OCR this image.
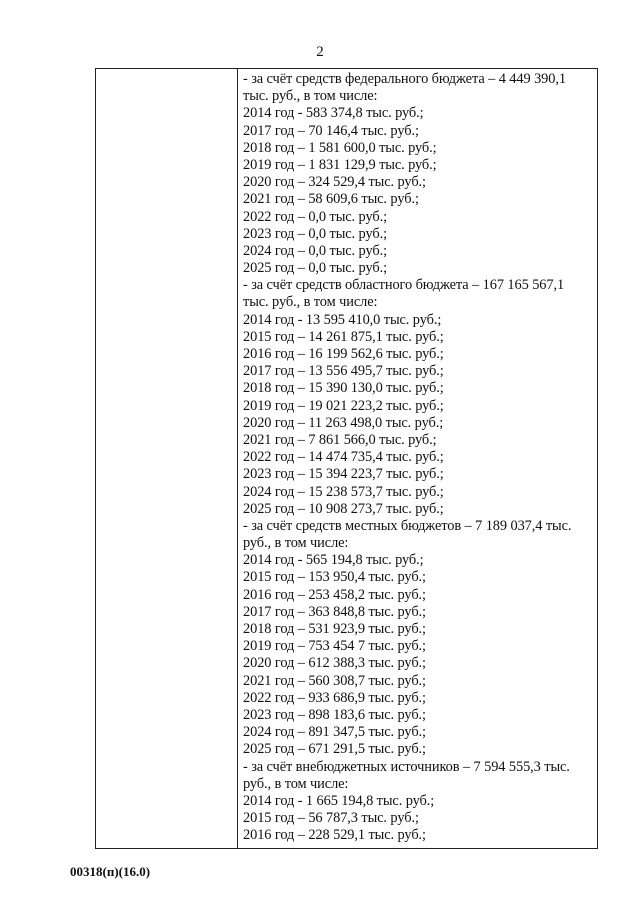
2
- за счёт средств федерального бюджета – 4 449 390,1
тыс. руб., в том числе:
2014 год - 583 374,8 тыс. руб.;
2017 год – 70 146,4 тыс. руб.;
2018 год – 1 581 600,0 тыс. руб.;
2019 год – 1 831 129,9 тыс. руб.;
2020 год – 324 529,4 тыс. руб.;
2021 год – 58 609,6 тыс. руб.;
2022 год – 0,0 тыс. руб.;
2023 год – 0,0 тыс. руб.;
2024 год – 0,0 тыс. руб.;
2025 год – 0,0 тыс. руб.;
- за счёт средств областного бюджета – 167 165 567,1
тыс. руб., в том числе:
2014 год - 13 595 410,0 тыс. руб.;
2015 год – 14 261 875,1 тыс. руб.;
2016 год – 16 199 562,6 тыс. руб.;
2017 год – 13 556 495,7 тыс. руб.;
2018 год – 15 390 130,0 тыс. руб.;
2019 год – 19 021 223,2 тыс. руб.;
2020 год – 11 263 498,0 тыс. руб.;
2021 год – 7 861 566,0 тыс. руб.;
2022 год – 14 474 735,4 тыс. руб.;
2023 год – 15 394 223,7 тыс. руб.;
2024 год – 15 238 573,7 тыс. руб.;
2025 год – 10 908 273,7 тыс. руб.;
- за счёт средств местных бюджетов – 7 189 037,4 тыс.
руб., в том числе:
2014 год - 565 194,8 тыс. руб.;
2015 год – 153 950,4 тыс. руб.;
2016 год – 253 458,2 тыс. руб.;
2017 год – 363 848,8 тыс. руб.;
2018 год – 531 923,9 тыс. руб.;
2019 год – 753 454 7 тыс. руб.;
2020 год – 612 388,3 тыс. руб.;
2021 год – 560 308,7 тыс. руб.;
2022 год – 933 686,9 тыс. руб.;
2023 год – 898 183,6 тыс. руб.;
2024 год – 891 347,5 тыс. руб.;
2025 год – 671 291,5 тыс. руб.;
- за счёт внебюджетных источников – 7 594 555,3 тыс.
руб., в том числе:
2014 год - 1 665 194,8 тыс. руб.;
2015 год – 56 787,3 тыс. руб.;
2016 год – 228 529,1 тыс. руб.;
00318(п)(16.0)
